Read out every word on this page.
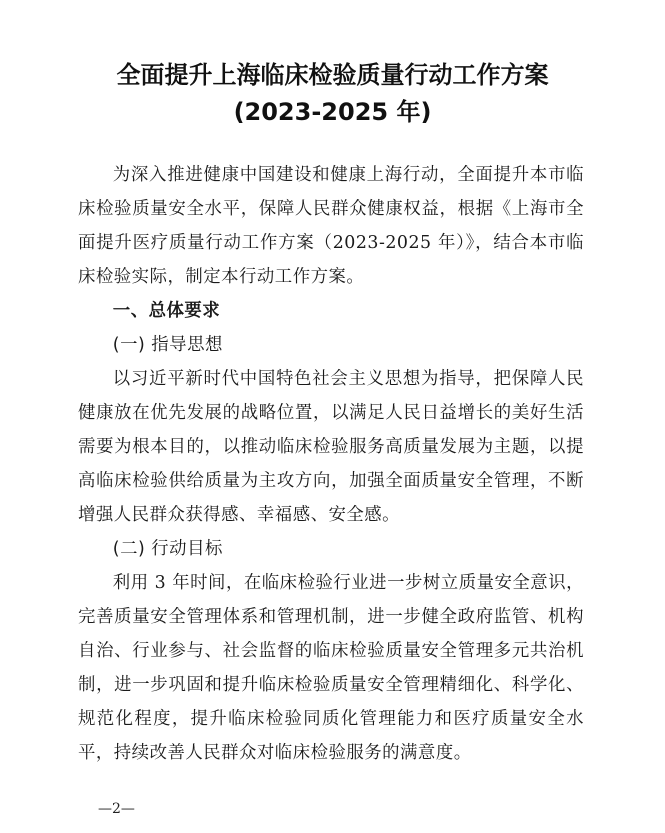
全面提升上海临床检验质量行动工作方案
(2023-2025 年)

为深入推进健康中国建设和健康上海行动，全面提升本市临床检验质量安全水平，保障人民群众健康权益，根据《上海市全面提升医疗质量行动工作方案（2023-2025 年）》，结合本市临床检验实际，制定本行动工作方案。

一、总体要求

(一) 指导思想

以习近平新时代中国特色社会主义思想为指导，把保障人民健康放在优先发展的战略位置，以满足人民日益增长的美好生活需要为根本目的，以推动临床检验服务高质量发展为主题，以提高临床检验供给质量为主攻方向，加强全面质量安全管理，不断增强人民群众获得感、幸福感、安全感。

(二) 行动目标

利用 3 年时间，在临床检验行业进一步树立质量安全意识，完善质量安全管理体系和管理机制，进一步健全政府监管、机构自治、行业参与、社会监督的临床检验质量安全管理多元共治机制，进一步巩固和提升临床检验质量安全管理精细化、科学化、规范化程度，提升临床检验同质化管理能力和医疗质量安全水平，持续改善人民群众对临床检验服务的满意度。

—2—
